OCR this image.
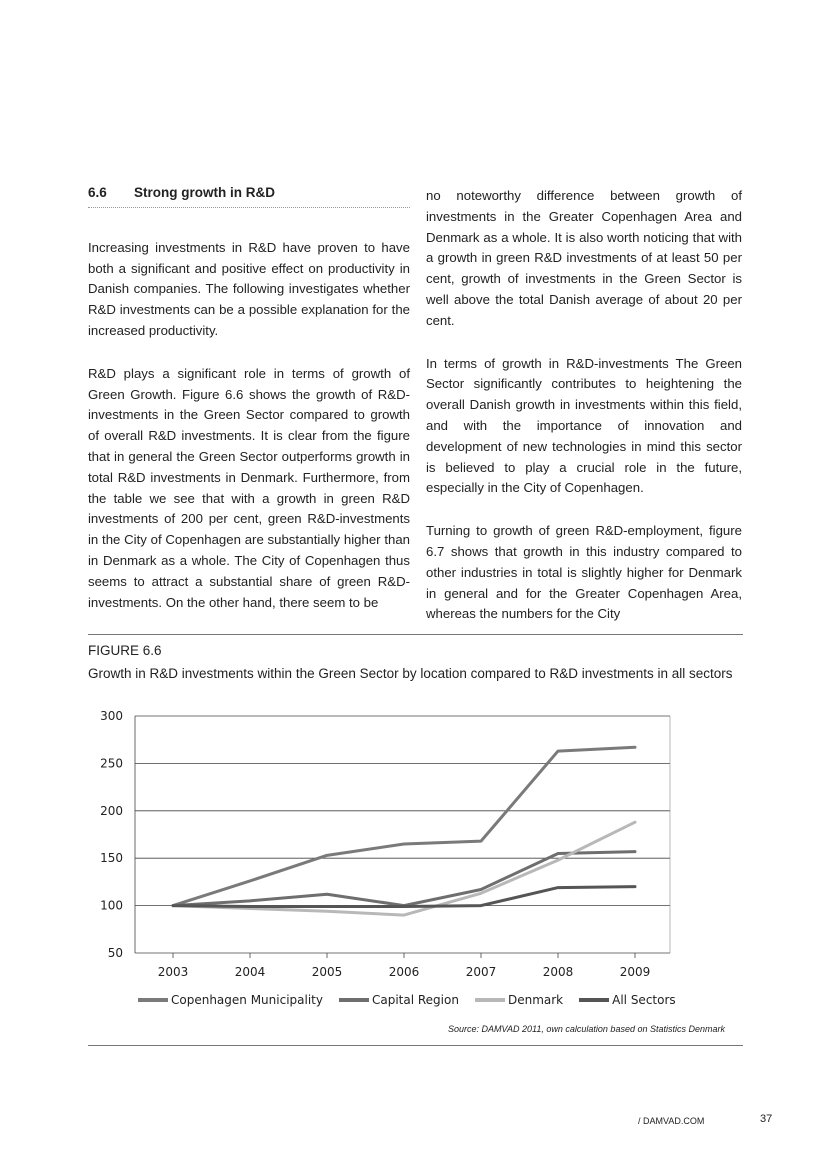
6.6	Strong growth in R&D

Increasing investments in R&D have proven to have both a significant and positive effect on productivity in Danish companies. The following investigates whether R&D investments can be a possible explanation for the increased productivity.

R&D plays a significant role in terms of growth of Green Growth. Figure 6.6 shows the growth of R&D-investments in the Green Sector compared to growth of overall R&D investments. It is clear from the figure that in general the Green Sector outperforms growth in total R&D investments in Denmark. Furthermore, from the table we see that with a growth in green R&D investments of 200 per cent, green R&D-investments in the City of Copenhagen are substantially higher than in Denmark as a whole. The City of Copenhagen thus seems to attract a substantial share of green R&D-investments. On the other hand, there seem to be

no noteworthy difference between growth of investments in the Greater Copenhagen Area and Denmark as a whole. It is also worth noticing that with a growth in green R&D investments of at least 50 per cent, growth of investments in the Green Sector is well above the total Danish average of about 20 per cent.

In terms of growth in R&D-investments The Green Sector significantly contributes to heightening the overall Danish growth in investments within this field, and with the importance of innovation and development of new technologies in mind this sector is believed to play a crucial role in the future, especially in the City of Copenhagen.

Turning to growth of green R&D-employment, figure 6.7 shows that growth in this industry compared to other industries in total is slightly higher for Denmark in general and for the Greater Copenhagen Area, whereas the numbers for the City

FIGURE 6.6
Growth in R&D investments within the Green Sector by location compared to R&D investments in all sectors
300
250
200
150
100
50
2003	2004	2005	2006	2007	2008	2009
Copenhagen Municipality	Capital Region	Denmark	All Sectors
Source: DAMVAD 2011, own calculation based on Statistics Denmark
/ DAMVAD.COM	37
